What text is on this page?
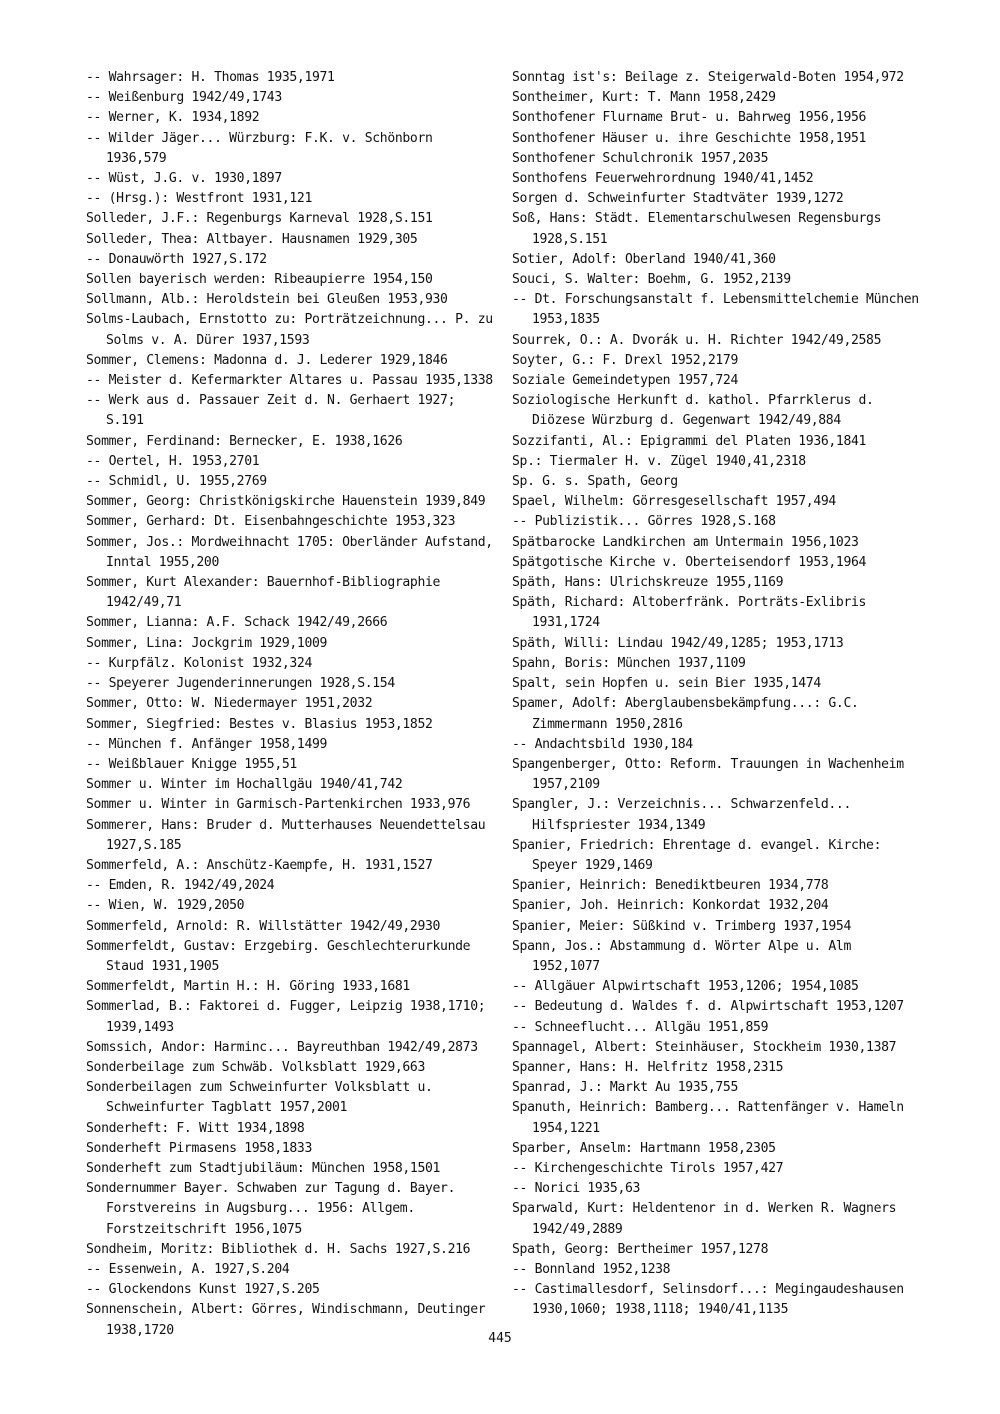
-- Wahrsager: H. Thomas 1935,1971

-- Weißenburg 1942/49,1743

-- Werner, K. 1934,1892

-- Wilder Jäger... Würzburg: F.K. v. Schönborn 1936,579

-- Wüst, J.G. v. 1930,1897

-- (Hrsg.): Westfront 1931,121

Solleder, J.F.: Regenburgs Karneval 1928,S.151

Solleder, Thea: Altbayer. Hausnamen 1929,305

-- Donauwörth 1927,S.172

Sollen bayerisch werden: Ribeaupierre 1954,150

Sollmann, Alb.: Heroldstein bei Gleußen 1953,930

Solms-Laubach, Ernstotto zu: Porträtzeichnung... P. zu Solms v. A. Dürer 1937,1593

Sommer, Clemens: Madonna d. J. Lederer 1929,1846

-- Meister d. Kefermarkter Altares u. Passau 1935,1338

-- Werk aus d. Passauer Zeit d. N. Gerhaert 1927; S.191

Sommer, Ferdinand: Bernecker, E. 1938,1626

-- Oertel, H. 1953,2701

-- Schmidl, U. 1955,2769

Sommer, Georg: Christkönigskirche Hauenstein 1939,849

Sommer, Gerhard: Dt. Eisenbahngeschichte 1953,323

Sommer, Jos.: Mordweihnacht 1705: Oberländer Aufstand, Inntal 1955,200

Sommer, Kurt Alexander: Bauernhof-Bibliographie 1942/49,71

Sommer, Lianna: A.F. Schack 1942/49,2666

Sommer, Lina: Jockgrim 1929,1009

-- Kurpfälz. Kolonist 1932,324

-- Speyerer Jugenderinnerungen 1928,S.154

Sommer, Otto: W. Niedermayer 1951,2032

Sommer, Siegfried: Bestes v. Blasius 1953,1852

-- München f. Anfänger 1958,1499

-- Weißblauer Knigge 1955,51

Sommer u. Winter im Hochallgäu 1940/41,742

Sommer u. Winter in Garmisch-Partenkirchen 1933,976

Sommerer, Hans: Bruder d. Mutterhauses Neuendettelsau 1927,S.185

Sommerfeld, A.: Anschütz-Kaempfe, H. 1931,1527

-- Emden, R. 1942/49,2024

-- Wien, W. 1929,2050

Sommerfeld, Arnold: R. Willstätter 1942/49,2930

Sommerfeldt, Gustav: Erzgebirg. Geschlechterurkunde Staud 1931,1905

Sommerfeldt, Martin H.: H. Göring 1933,1681

Sommerlad, B.: Faktorei d. Fugger, Leipzig 1938,1710; 1939,1493

Somssich, Andor: Harminc... Bayreuthban 1942/49,2873

Sonderbeilage zum Schwäb. Volksblatt 1929,663

Sonderbeilagen zum Schweinfurter Volksblatt u. Schweinfurter Tagblatt 1957,2001

Sonderheft: F. Witt 1934,1898

Sonderheft Pirmasens 1958,1833

Sonderheft zum Stadtjubiläum: München 1958,1501

Sondernummer Bayer. Schwaben zur Tagung d. Bayer. Forstvereins in Augsburg... 1956: Allgem. Forstzeitschrift 1956,1075

Sondheim, Moritz: Bibliothek d. H. Sachs 1927,S.216

-- Essenwein, A. 1927,S.204

-- Glockendons Kunst 1927,S.205

Sonnenschein, Albert: Görres, Windischmann, Deutinger 1938,1720

Sonntag ist's: Beilage z. Steigerwald-Boten 1954,972

Sontheimer, Kurt: T. Mann 1958,2429

Sonthofener Flurname Brut- u. Bahrweg 1956,1956

Sonthofener Häuser u. ihre Geschichte 1958,1951

Sonthofener Schulchronik 1957,2035

Sonthofens Feuerwehrordnung 1940/41,1452

Sorgen d. Schweinfurter Stadtväter 1939,1272

Soß, Hans: Städt. Elementarschulwesen Regensburgs 1928,S.151

Sotier, Adolf: Oberland 1940/41,360

Souci, S. Walter: Boehm, G. 1952,2139

-- Dt. Forschungsanstalt f. Lebensmittelchemie München 1953,1835

Sourrek, O.: A. Dvorák u. H. Richter 1942/49,2585

Soyter, G.: F. Drexl 1952,2179

Soziale Gemeindetypen 1957,724

Soziologische Herkunft d. kathol. Pfarrklerus d. Diözese Würzburg d. Gegenwart 1942/49,884

Sozzifanti, Al.: Epigrammi del Platen 1936,1841

Sp.: Tiermaler H. v. Zügel 1940,41,2318

Sp. G. s. Spath, Georg

Spael, Wilhelm: Görresgesellschaft 1957,494

-- Publizistik... Görres 1928,S.168

Spätbarocke Landkirchen am Untermain 1956,1023

Spätgotische Kirche v. Oberteisendorf 1953,1964

Späth, Hans: Ulrichskreuze 1955,1169

Späth, Richard: Altoberfränk. Porträts-Exlibris 1931,1724

Späth, Willi: Lindau 1942/49,1285; 1953,1713

Spahn, Boris: München 1937,1109

Spalt, sein Hopfen u. sein Bier 1935,1474

Spamer, Adolf: Aberglaubensbekämpfung...: G.C. Zimmermann 1950,2816

-- Andachtsbild 1930,184

Spangenberger, Otto: Reform. Trauungen in Wachenheim 1957,2109

Spangler, J.: Verzeichnis... Schwarzenfeld... Hilfspriester 1934,1349

Spanier, Friedrich: Ehrentage d. evangel. Kirche: Speyer 1929,1469

Spanier, Heinrich: Benediktbeuren 1934,778

Spanier, Joh. Heinrich: Konkordat 1932,204

Spanier, Meier: Süßkind v. Trimberg 1937,1954

Spann, Jos.: Abstammung d. Wörter Alpe u. Alm 1952,1077

-- Allgäuer Alpwirtschaft 1953,1206; 1954,1085

-- Bedeutung d. Waldes f. d. Alpwirtschaft 1953,1207

-- Schneeflucht... Allgäu 1951,859

Spannagel, Albert: Steinhäuser, Stockheim 1930,1387

Spanner, Hans: H. Helfritz 1958,2315

Spanrad, J.: Markt Au 1935,755

Spanuth, Heinrich: Bamberg... Rattenfänger v. Hameln 1954,1221

Sparber, Anselm: Hartmann 1958,2305

-- Kirchengeschichte Tirols 1957,427

-- Norici 1935,63

Sparwald, Kurt: Heldentenor in d. Werken R. Wagners 1942/49,2889

Spath, Georg: Bertheimer 1957,1278

-- Bonnland 1952,1238

-- Castimallesdorf, Selinsdorf...: Megingaudeshausen 1930,1060; 1938,1118; 1940/41,1135

445
